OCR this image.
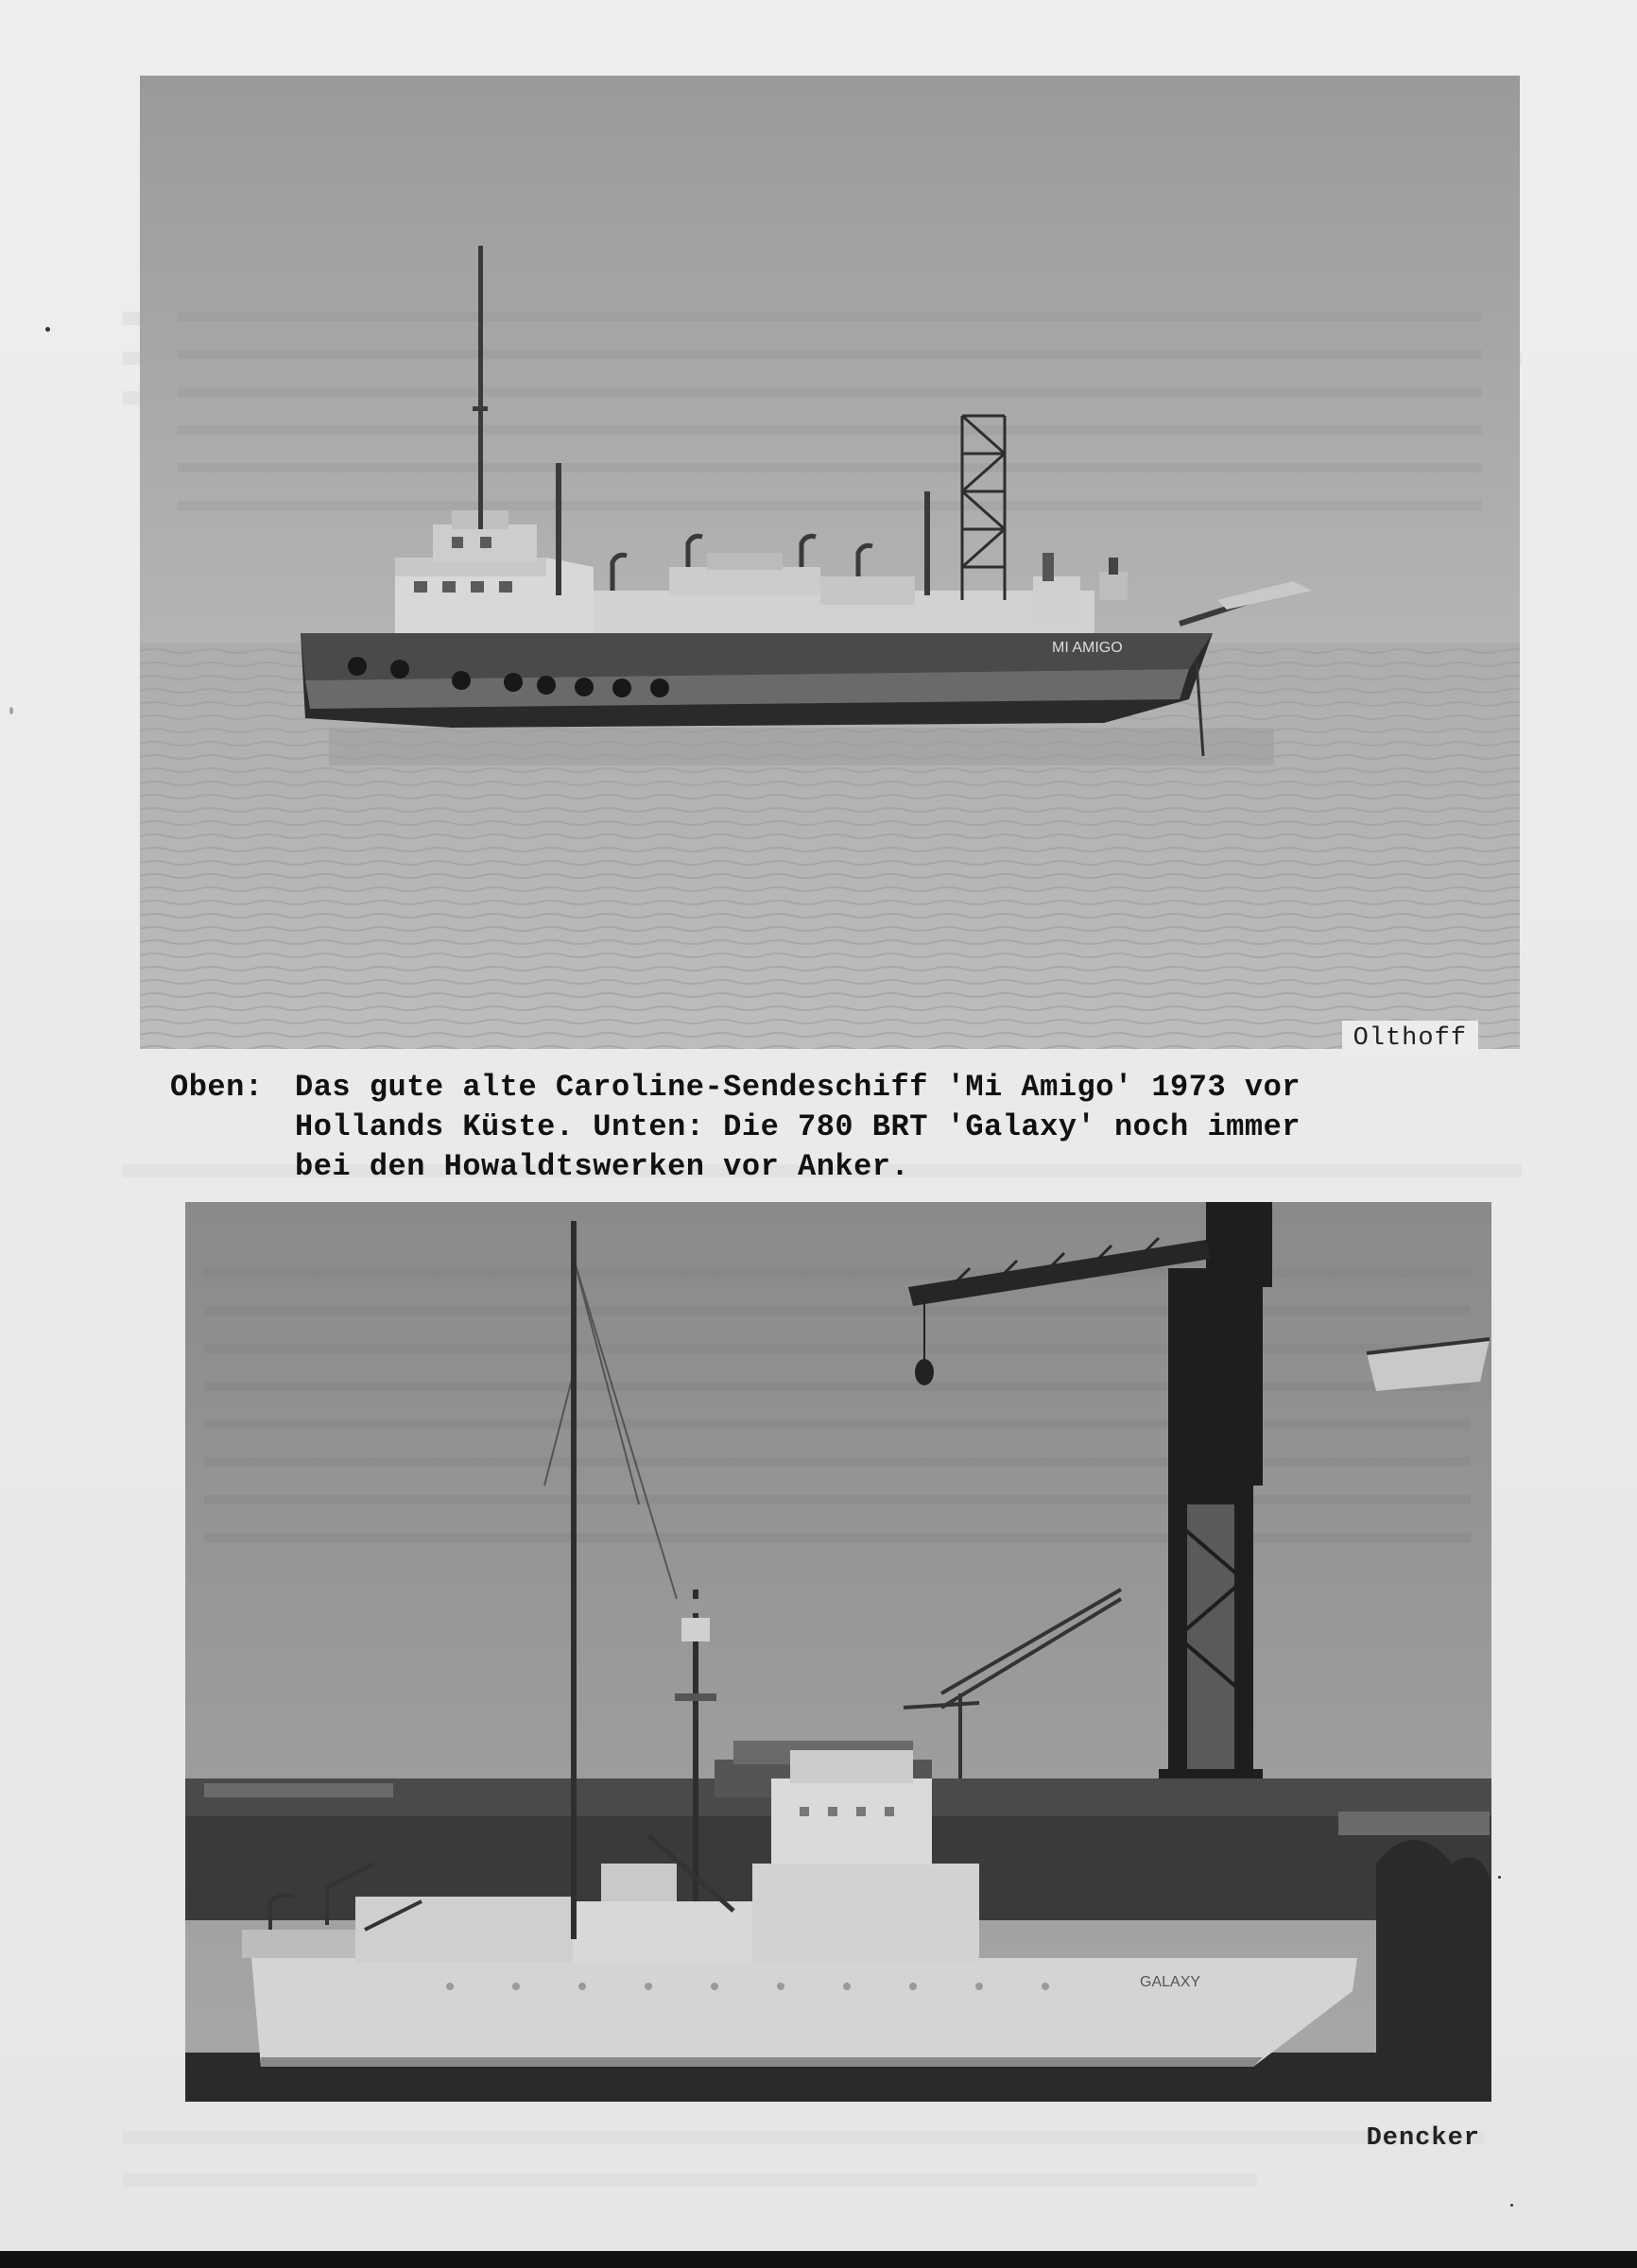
MI AMIGO
Olthoff
Oben: Das gute alte Caroline-Sendeschiff 'Mi Amigo' 1973 vor
Hollands Küste. Unten: Die 780 BRT 'Galaxy' noch immer
bei den Howaldtswerken vor Anker.
GALAXY
Dencker
